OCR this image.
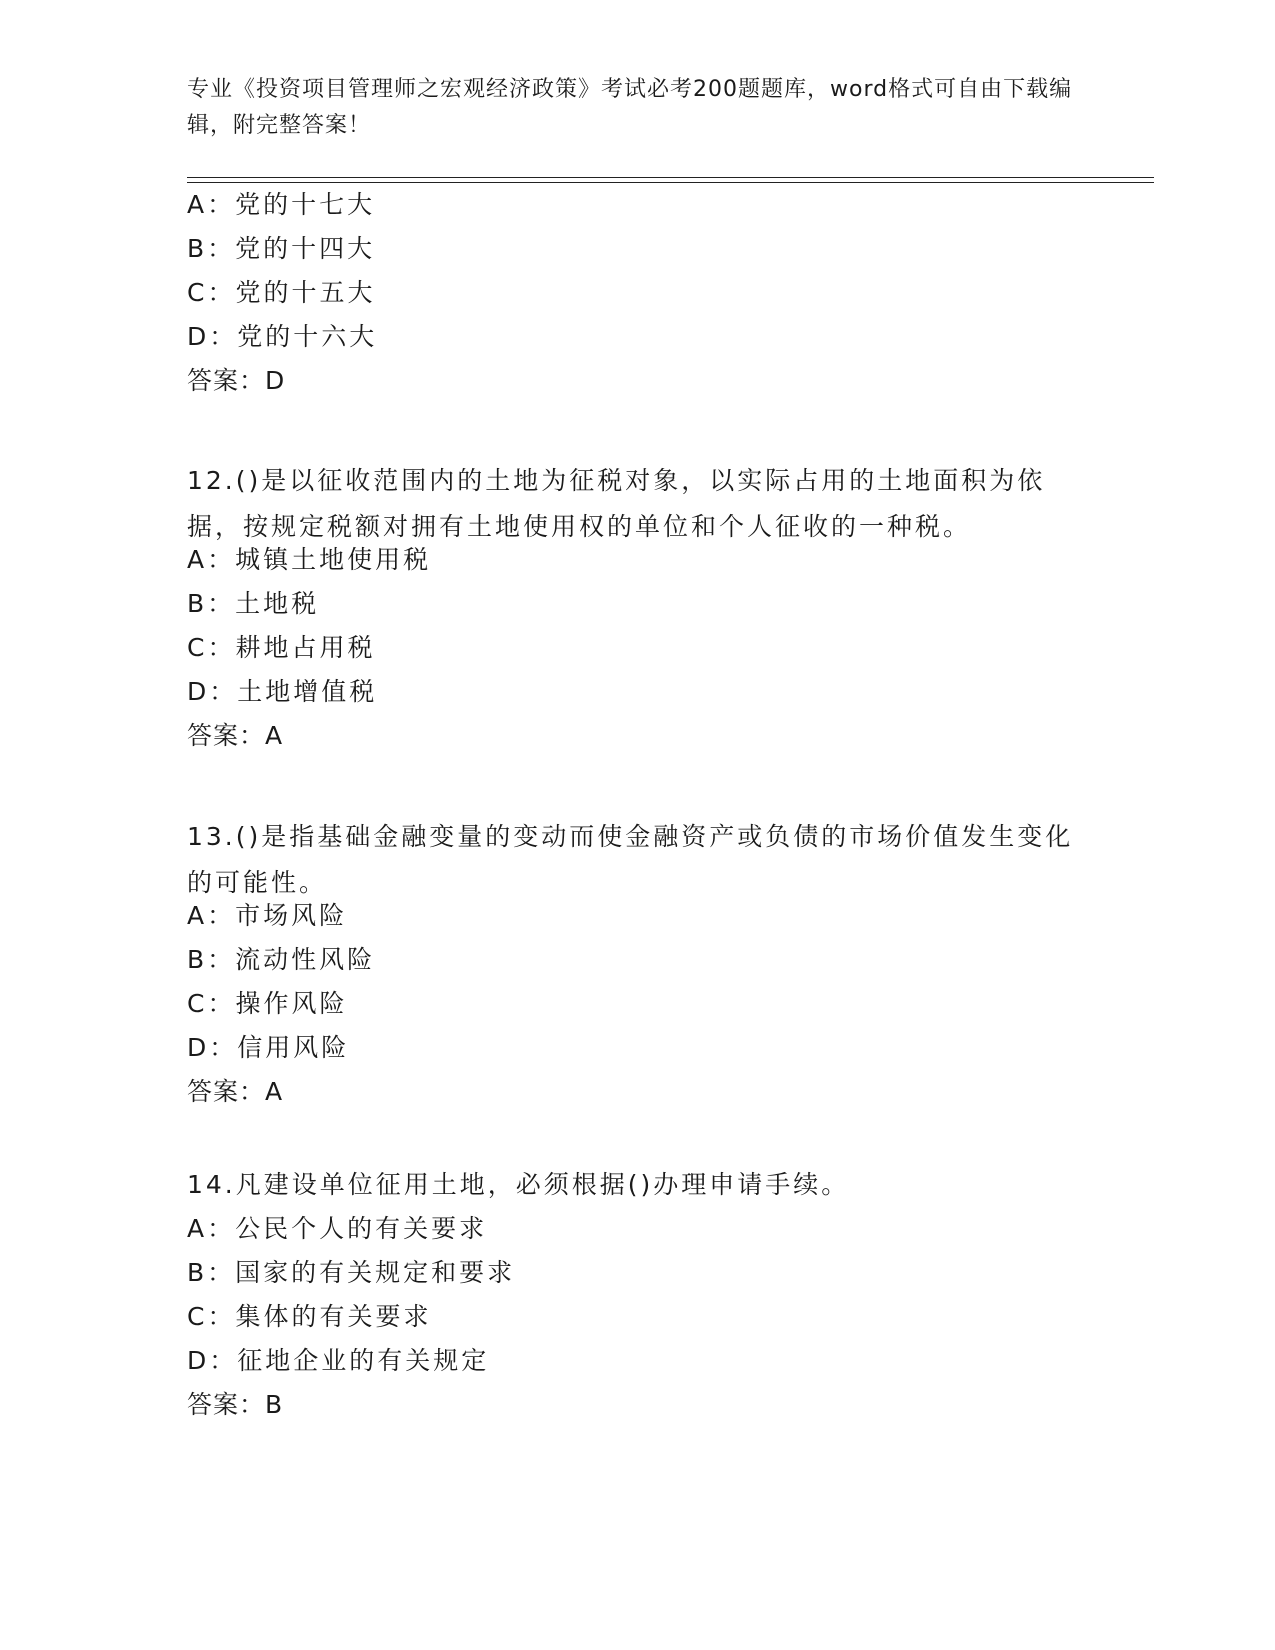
专业《投资项目管理师之宏观经济政策》考试必考200题题库，word格式可自由下载编辑，附完整答案！
A：党的十七大
B：党的十四大
C：党的十五大
D：党的十六大
答案：D
12.()是以征收范围内的土地为征税对象，以实际占用的土地面积为依据，按规定税额对拥有土地使用权的单位和个人征收的一种税。
A：城镇土地使用税
B：土地税
C：耕地占用税
D：土地增值税
答案：A
13.()是指基础金融变量的变动而使金融资产或负债的市场价值发生变化的可能性。
A：市场风险
B：流动性风险
C：操作风险
D：信用风险
答案：A
14.凡建设单位征用土地，必须根据()办理申请手续。
A：公民个人的有关要求
B：国家的有关规定和要求
C：集体的有关要求
D：征地企业的有关规定
答案：B
